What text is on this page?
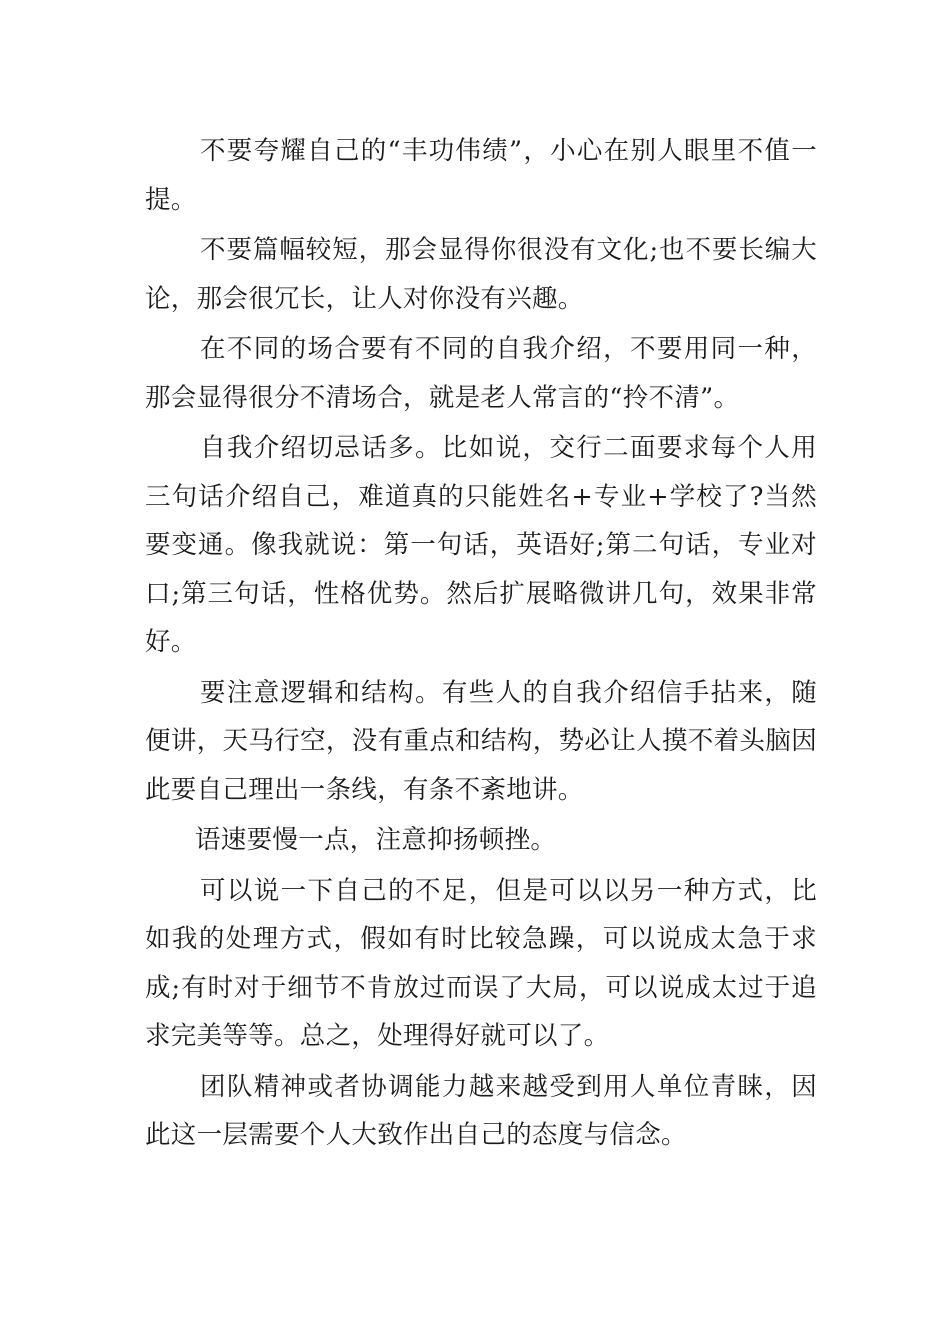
不要夸耀自己的“丰功伟绩”，小心在别人眼里不值一提。

不要篇幅较短，那会显得你很没有文化;也不要长编大论，那会很冗长，让人对你没有兴趣。

在不同的场合要有不同的自我介绍，不要用同一种，那会显得很分不清场合，就是老人常言的“拎不清”。

自我介绍切忌话多。比如说，交行二面要求每个人用三句话介绍自己，难道真的只能姓名+专业+学校了?当然要变通。像我就说：第一句话，英语好;第二句话，专业对口;第三句话，性格优势。然后扩展略微讲几句，效果非常好。

要注意逻辑和结构。有些人的自我介绍信手拈来，随便讲，天马行空，没有重点和结构，势必让人摸不着头脑因此要自己理出一条线，有条不紊地讲。

语速要慢一点，注意抑扬顿挫。

可以说一下自己的不足，但是可以以另一种方式，比如我的处理方式，假如有时比较急躁，可以说成太急于求成;有时对于细节不肯放过而误了大局，可以说成太过于追求完美等等。总之，处理得好就可以了。

团队精神或者协调能力越来越受到用人单位青睐，因此这一层需要个人大致作出自己的态度与信念。
